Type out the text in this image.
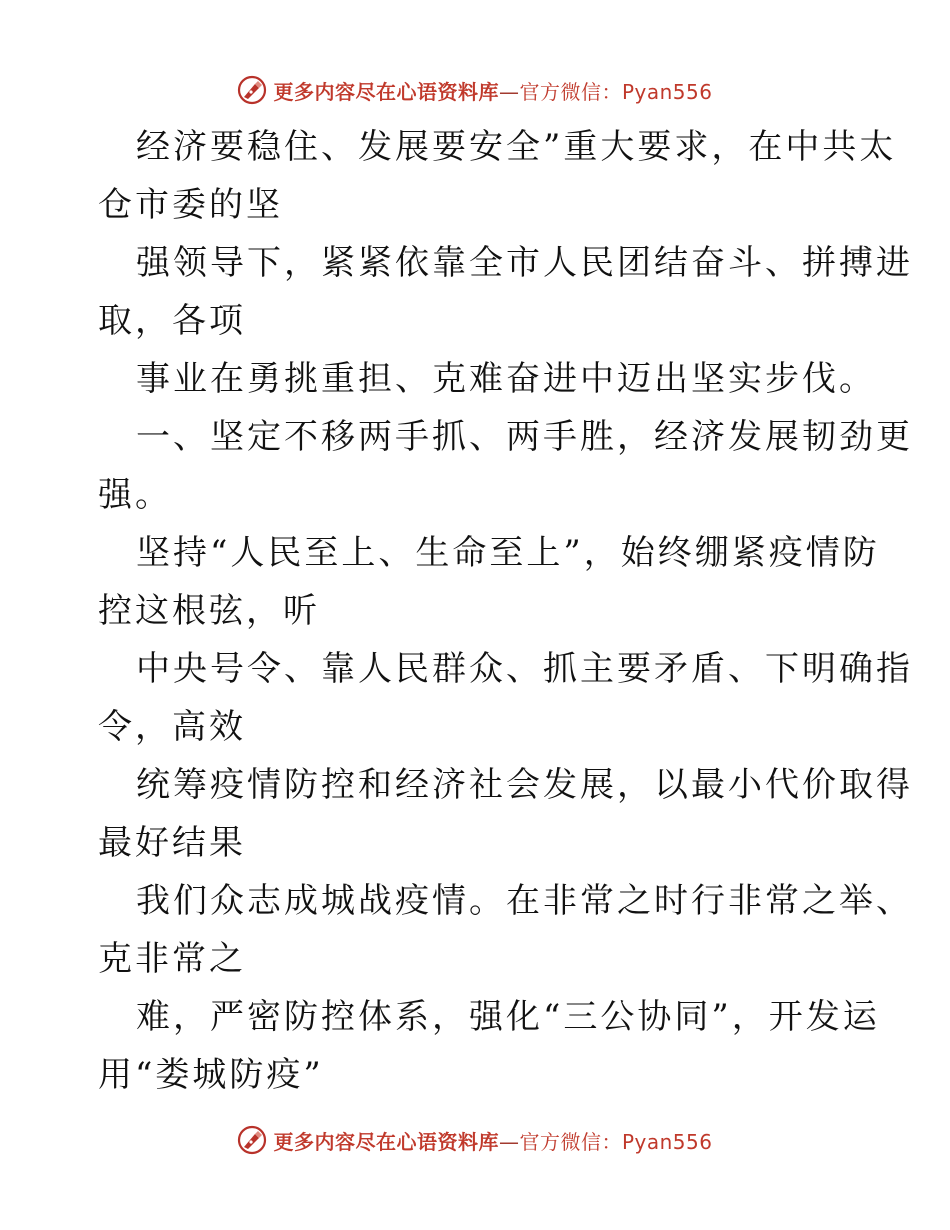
更多内容尽在心语资料库—官方微信：Pyan556
经济要稳住、发展要安全”重大要求，在中共太
仓市委的坚
强领导下，紧紧依靠全市人民团结奋斗、拼搏进
取，各项
事业在勇挑重担、克难奋进中迈出坚实步伐。
一、坚定不移两手抓、两手胜，经济发展韧劲更
强。
坚持“人民至上、生命至上”，始终绷紧疫情防
控这根弦，听
中央号令、靠人民群众、抓主要矛盾、下明确指
令，高效
统筹疫情防控和经济社会发展，以最小代价取得
最好结果
我们众志成城战疫情。在非常之时行非常之举、
克非常之
难，严密防控体系，强化“三公协同”，开发运
用“娄城防疫”
更多内容尽在心语资料库—官方微信：Pyan556
